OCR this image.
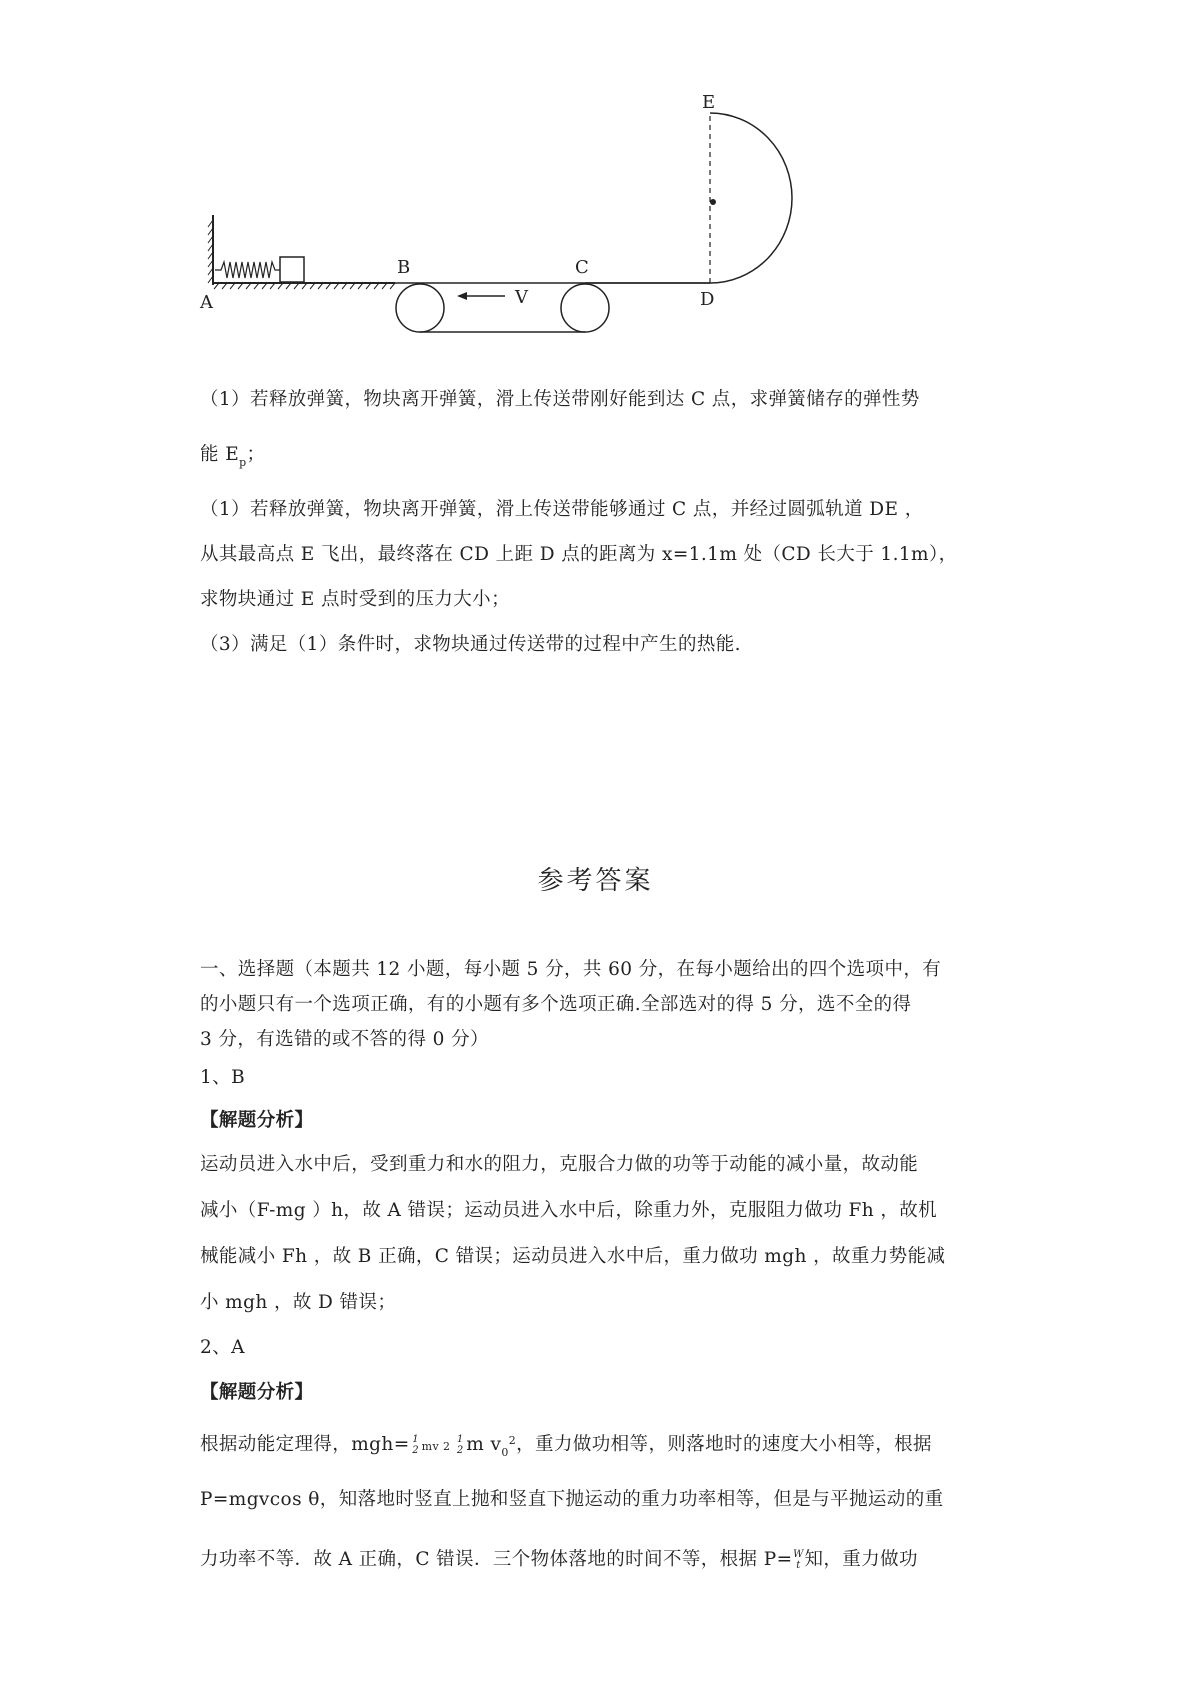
A
B	C
D
E
V
（1）若释放弹簧，物块离开弹簧，滑上传送带刚好能到达 C 点，求弹簧储存的弹性势
能 $E_p$；
（1）若释放弹簧，物块离开弹簧，滑上传送带能够通过 C 点，并经过圆弧轨道 DE ，
从其最高点 E 飞出，最终落在 CD 上距 D 点的距离为 x=1.1m 处（CD 长大于 1.1m），
求物块通过 E 点时受到的压力大小；
（3）满足（1）条件时，求物块通过传送带的过程中产生的热能.
参考答案
一、选择题（本题共 12 小题，每小题 5 分，共 60 分，在每小题给出的四个选项中，有
的小题只有一个选项正确，有的小题有多个选项正确.全部选对的得 5 分，选不全的得
3 分，有选错的或不答的得 0 分）
1、B
【解题分析】
运动员进入水中后，受到重力和水的阻力，克服合力做的功等于动能的减小量，故动能
减小（F-mg ）h，故 A 错误；运动员进入水中后，除重力外，克服阻力做功 Fh ，故机
械能减小 Fh ，故 B 正确，C 错误；运动员进入水中后，重力做功 mgh ，故重力势能减
小 mgh ，故 D 错误；
2、A
【解题分析】
根据动能定理得，mgh= 1
2 mv 2
1
2 m $v_0^2$，重力做功相等，则落地时的速度大小相等，根据
P=mgvcos θ，知落地时竖直上抛和竖直下抛运动的重力功率相等，但是与平抛运动的重
力功率不等．故 A 正确，C 错误．三个物体落地的时间不等，根据 P= W
t 知，重力做功
